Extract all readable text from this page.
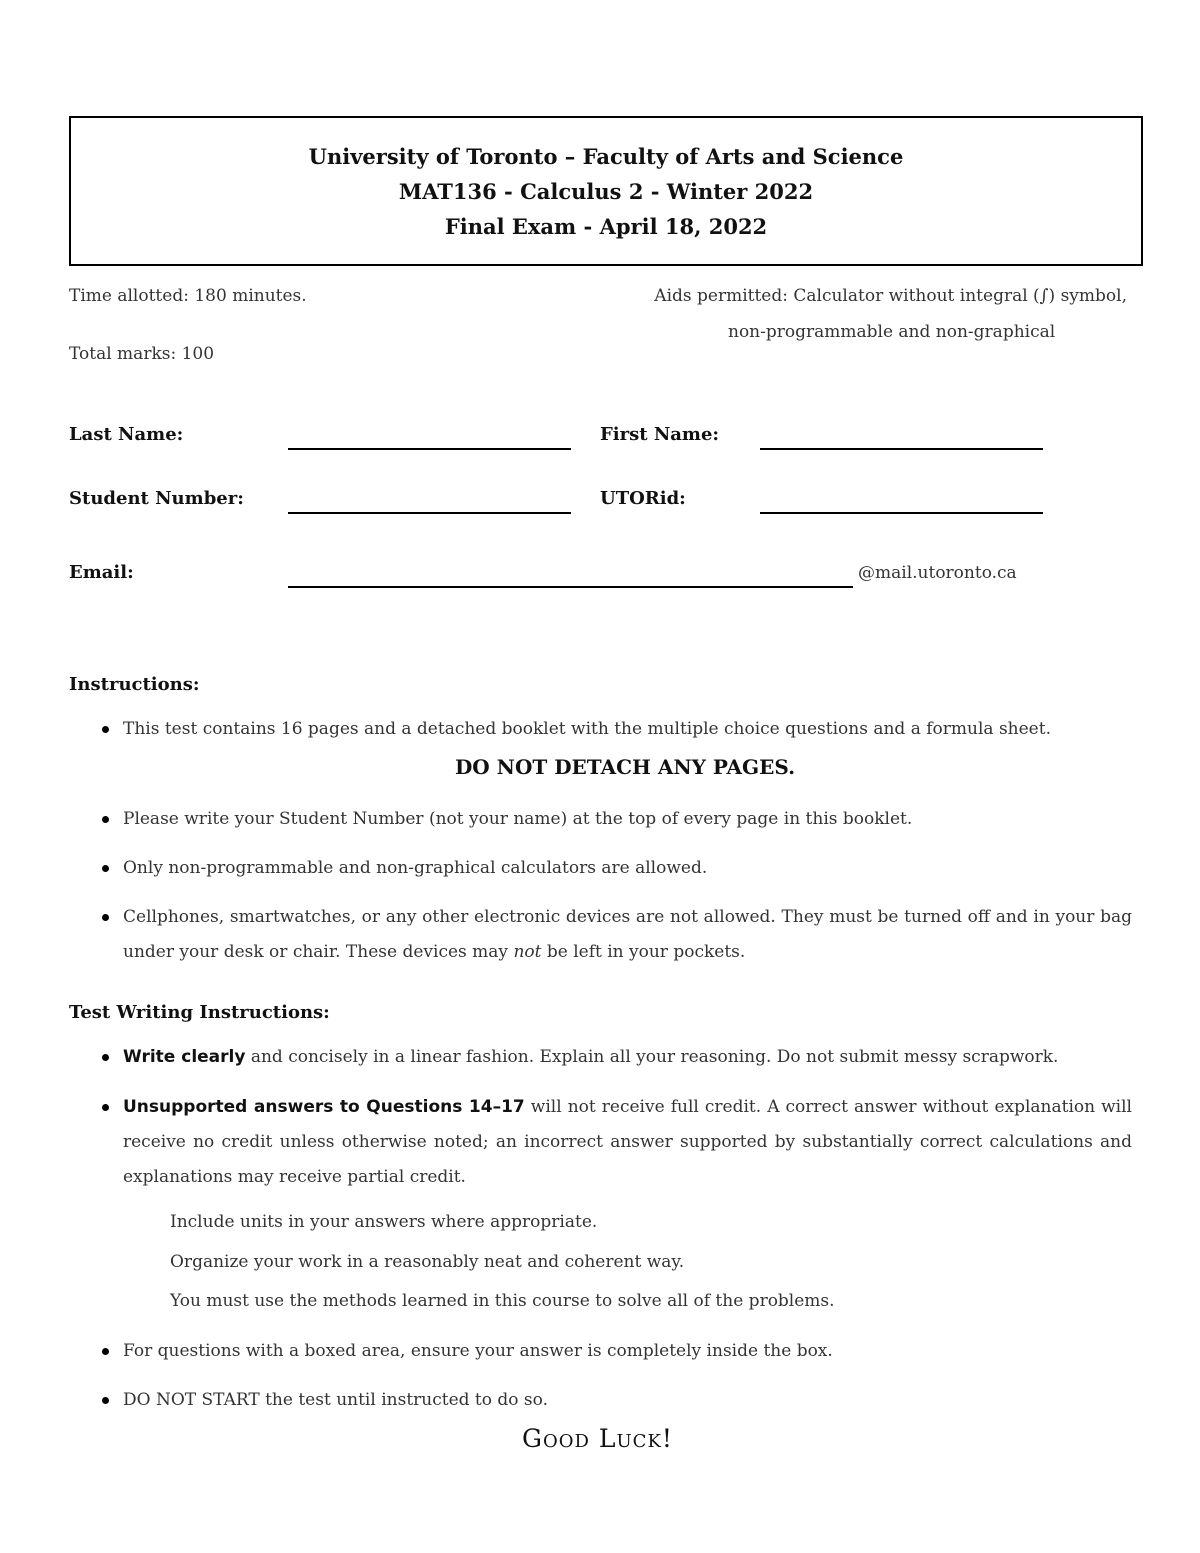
University of Toronto – Faculty of Arts and Science
MAT136 - Calculus 2 - Winter 2022
Final Exam - April 18, 2022
Time allotted: 180 minutes.
Total marks: 100
Aids permitted: Calculator without integral (∫) symbol,
non-programmable and non-graphical
Last Name:	First Name:
Student Number:	UTORid:
Email:	@mail.utoronto.ca
Instructions:
This test contains 16 pages and a detached booklet with the multiple choice questions and a formula sheet.
DO NOT DETACH ANY PAGES.
Please write your Student Number (not your name) at the top of every page in this booklet.
Only non-programmable and non-graphical calculators are allowed.
Cellphones, smartwatches, or any other electronic devices are not allowed. They must be turned off and in your bag under your desk or chair. These devices may not be left in your pockets.
Test Writing Instructions:
Write clearly and concisely in a linear fashion. Explain all your reasoning. Do not submit messy scrapwork.
Unsupported answers to Questions 14–17 will not receive full credit. A correct answer without explanation will receive no credit unless otherwise noted; an incorrect answer supported by substantially correct calculations and explanations may receive partial credit.
Include units in your answers where appropriate.
Organize your work in a reasonably neat and coherent way.
You must use the methods learned in this course to solve all of the problems.
For questions with a boxed area, ensure your answer is completely inside the box.
DO NOT START the test until instructed to do so.
Good Luck!
